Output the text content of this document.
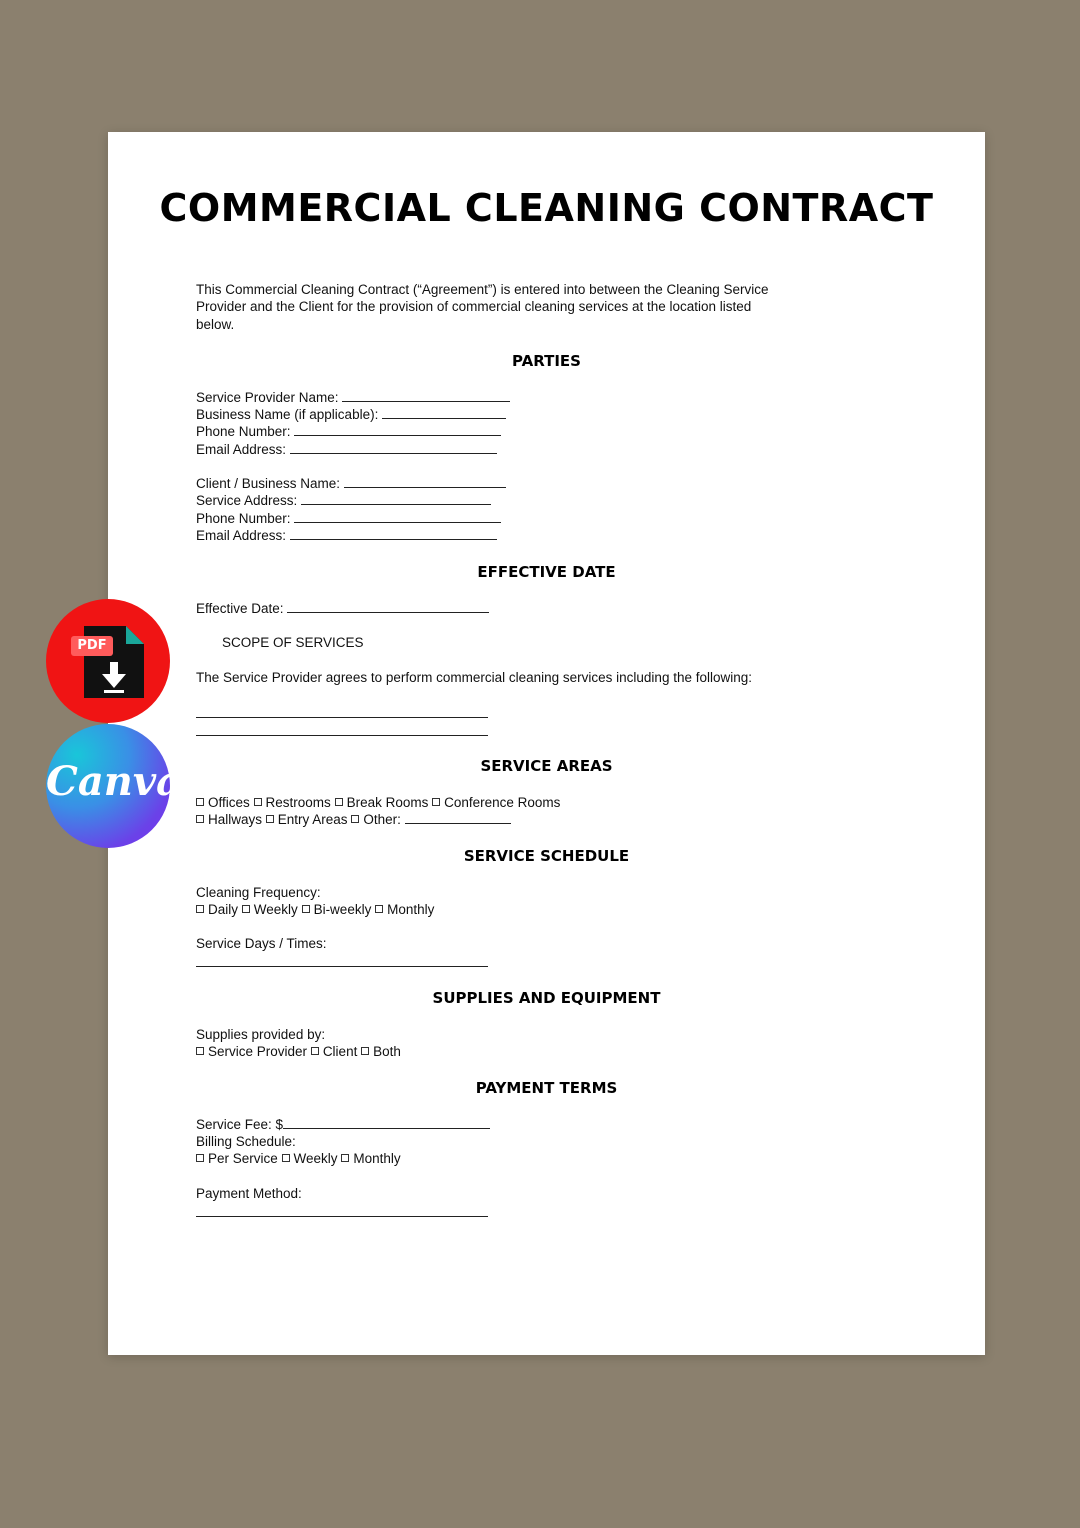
COMMERCIAL CLEANING CONTRACT

This Commercial Cleaning Contract (“Agreement”) is entered into between the Cleaning Service Provider and the Client for the provision of commercial cleaning services at the location listed below.

PARTIES
Service Provider Name:
Business Name (if applicable):
Phone Number:
Email Address:
Client / Business Name:
Service Address:
Phone Number:
Email Address:
EFFECTIVE DATE
Effective Date:
SCOPE OF SERVICES
The Service Provider agrees to perform commercial cleaning services including the following:
SERVICE AREAS
Offices Restrooms Break Rooms Conference Rooms
Hallways Entry Areas Other:
SERVICE SCHEDULE
Cleaning Frequency:
Daily Weekly Bi-weekly Monthly
Service Days / Times:
SUPPLIES AND EQUIPMENT
Supplies provided by:
Service Provider Client Both
PAYMENT TERMS
Service Fee: $
Billing Schedule:
Per Service Weekly Monthly
Payment Method:
PDF
Canva
